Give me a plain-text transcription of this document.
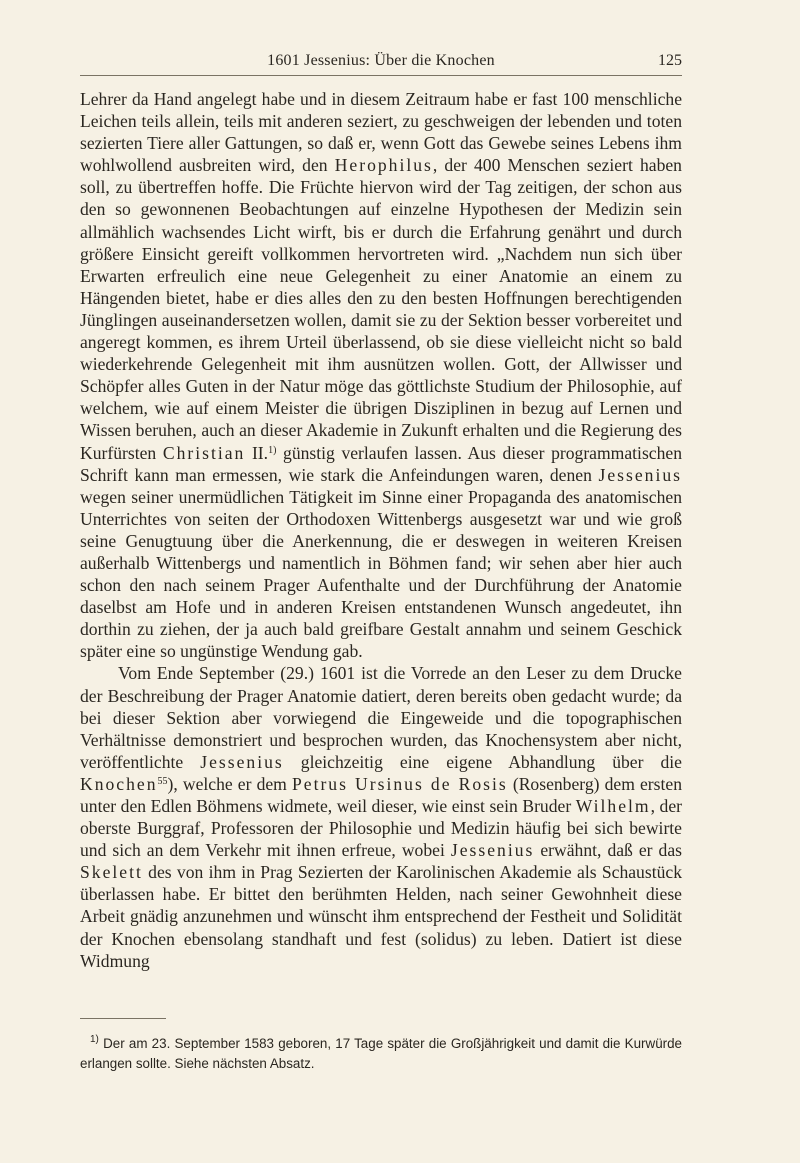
1601 Jessenius: Über die Knochen	125

Lehrer da Hand angelegt habe und in diesem Zeitraum habe er fast 100 menschliche Leichen teils allein, teils mit anderen seziert, zu geschweigen der lebenden und toten sezierten Tiere aller Gattungen, so daß er, wenn Gott das Gewebe seines Lebens ihm wohlwollend ausbreiten wird, den Herophilus, der 400 Menschen seziert haben soll, zu übertreffen hoffe. Die Früchte hiervon wird der Tag zeitigen, der schon aus den so gewonnenen Beobachtungen auf einzelne Hypothesen der Medizin sein allmählich wachsendes Licht wirft, bis er durch die Erfahrung genährt und durch größere Einsicht gereift vollkommen hervortreten wird. „Nachdem nun sich über Erwarten erfreulich eine neue Gelegenheit zu einer Anatomie an einem zu Hängenden bietet, habe er dies alles den zu den besten Hoffnungen berechtigenden Jünglingen auseinandersetzen wollen, damit sie zu der Sektion besser vorbereitet und angeregt kommen, es ihrem Urteil überlassend, ob sie diese vielleicht nicht so bald wiederkehrende Gelegenheit mit ihm ausnützen wollen. Gott, der Allwisser und Schöpfer alles Guten in der Natur möge das göttlichste Studium der Philosophie, auf welchem, wie auf einem Meister die übrigen Disziplinen in bezug auf Lernen und Wissen beruhen, auch an dieser Akademie in Zukunft erhalten und die Regierung des Kurfürsten Christian II.$^{1)}$ günstig verlaufen lassen. Aus dieser programmatischen Schrift kann man ermessen, wie stark die Anfeindungen waren, denen Jessenius wegen seiner unermüdlichen Tätigkeit im Sinne einer Propaganda des anatomischen Unterrichtes von seiten der Orthodoxen Wittenbergs ausgesetzt war und wie groß seine Genugtuung über die Anerkennung, die er deswegen in weiteren Kreisen außerhalb Wittenbergs und namentlich in Böhmen fand; wir sehen aber hier auch schon den nach seinem Prager Aufenthalte und der Durchführung der Anatomie daselbst am Hofe und in anderen Kreisen entstandenen Wunsch angedeutet, ihn dorthin zu ziehen, der ja auch bald greifbare Gestalt annahm und seinem Geschick später eine so ungünstige Wendung gab.

Vom Ende September (29.) 1601 ist die Vorrede an den Leser zu dem Drucke der Beschreibung der Prager Anatomie datiert, deren bereits oben gedacht wurde; da bei dieser Sektion aber vorwiegend die Eingeweide und die topographischen Verhältnisse demonstriert und besprochen wurden, das Knochensystem aber nicht, veröffentlichte Jessenius gleichzeitig eine eigene Abhandlung über die Knochen$^{55}$), welche er dem Petrus Ursinus de Rosis (Rosenberg) dem ersten unter den Edlen Böhmens widmete, weil dieser, wie einst sein Bruder Wilhelm, der oberste Burggraf, Professoren der Philosophie und Medizin häufig bei sich bewirte und sich an dem Verkehr mit ihnen erfreue, wobei Jessenius erwähnt, daß er das Skelett des von ihm in Prag Sezierten der Karolinischen Akademie als Schaustück überlassen habe. Er bittet den berühmten Helden, nach seiner Gewohnheit diese Arbeit gnädig anzunehmen und wünscht ihm entsprechend der Festheit und Solidität der Knochen ebensolang standhaft und fest (solidus) zu leben. Datiert ist diese Widmung

$^{1)}$ Der am 23. September 1583 geboren, 17 Tage später die Großjährigkeit und damit die Kurwürde erlangen sollte. Siehe nächsten Absatz.
